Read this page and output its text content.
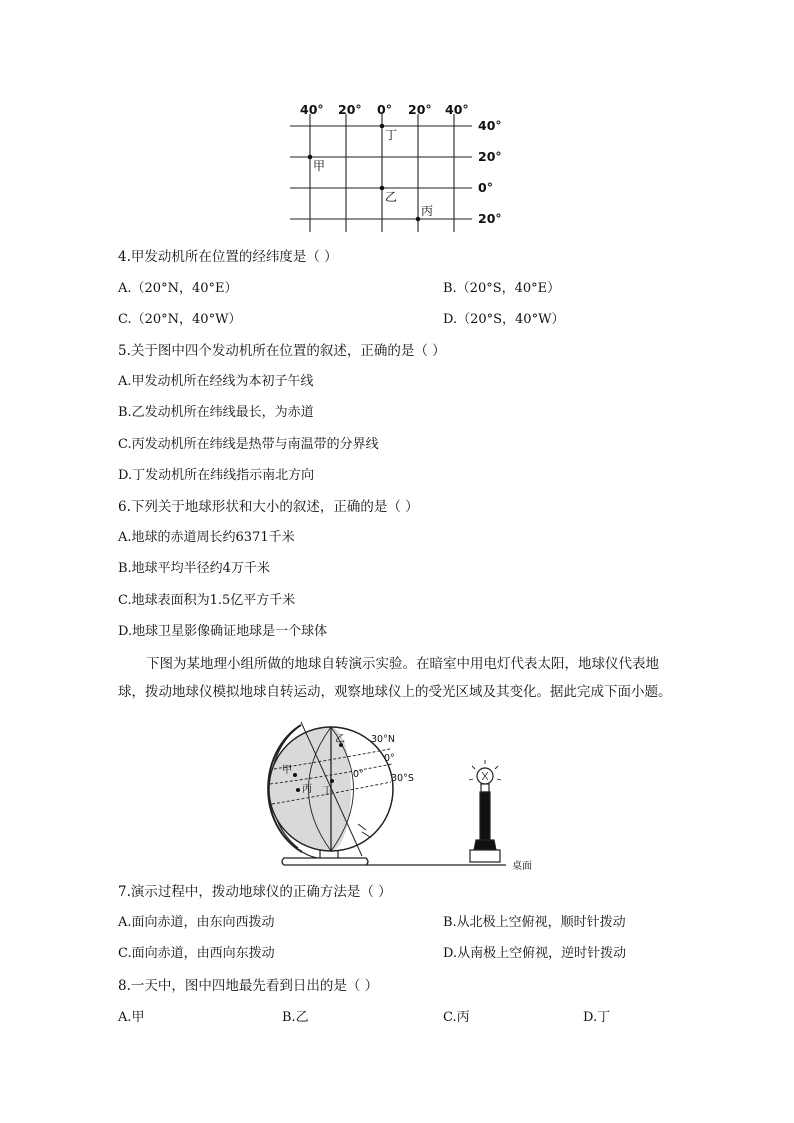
40° 20° 0° 20° 40°
40°
20°
0°
20°
甲
乙
丙
丁
4.甲发动机所在位置的经纬度是（ ）
A.（20°N，40°E）	B.（20°S，40°E）
C.（20°N，40°W）	D.（20°S，40°W）
5.关于图中四个发动机所在位置的叙述，正确的是（ ）
A.甲发动机所在经线为本初子午线
B.乙发动机所在纬线最长，为赤道
C.丙发动机所在纬线是热带与南温带的分界线
D.丁发动机所在纬线指示南北方向
6.下列关于地球形状和大小的叙述，正确的是（ ）
A.地球的赤道周长约6371千米
B.地球平均半径约4万千米
C.地球表面积为1.5亿平方千米
D.地球卫星影像确证地球是一个球体
下图为某地理小组所做的地球自转演示实验。在暗室中用电灯代表太阳，地球仪代表地球，拨动地球仪模拟地球自转运动，观察地球仪上的受光区域及其变化。据此完成下面小题。
30°N
0°
30°S
0°
甲
乙
丙 丁
桌面
7.演示过程中，拨动地球仪的正确方法是（ ）
A.面向赤道，由东向西拨动	B.从北极上空俯视，顺时针拨动
C.面向赤道，由西向东拨动	D.从南极上空俯视，逆时针拨动
8.一天中，图中四地最先看到日出的是（ ）
A.甲	B.乙	C.丙	D.丁
